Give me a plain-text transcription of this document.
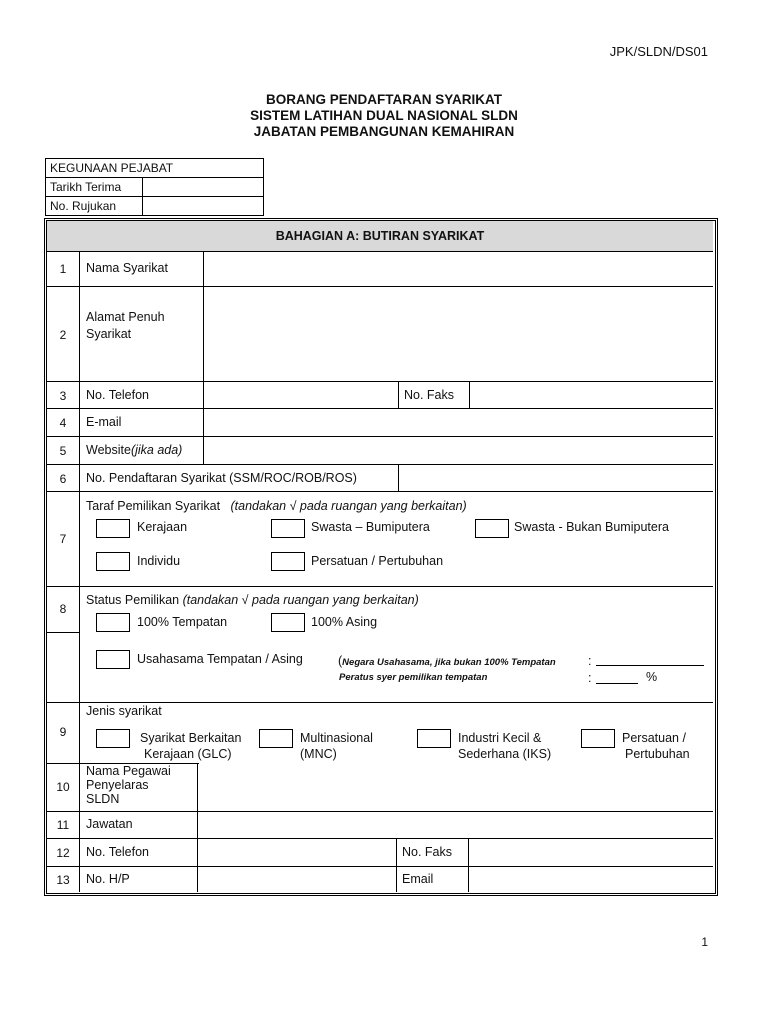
JPK/SLDN/DS01
BORANG PENDAFTARAN SYARIKAT
SISTEM LATIHAN DUAL NASIONAL SLDN
JABATAN PEMBANGUNAN KEMAHIRAN
KEGUNAAN PEJABAT	
Tarikh Terima	
No. Rujukan	
BAHAGIAN A: BUTIRAN SYARIKAT
1	Nama Syarikat
2
Alamat Penuh
Syarikat
3	No. Telefon	No. Faks
4	E-mail
5	Website(jika ada)
6	No. Pendaftaran Syarikat (SSM/ROC/ROB/ROS)
7
Taraf Pemilikan Syarikat (tandakan √ pada ruangan yang berkaitan)
Kerajaan	Swasta – Bumiputera	Swasta - Bukan Bumiputera
Individu	Persatuan / Pertubuhan
8
Status Pemilikan (tandakan √ pada ruangan yang berkaitan)
100% Tempatan	100% Asing
Usahasama Tempatan / Asing	(Negara Usahasama, jika bukan 100% Tempatan	:
Peratus syer pemilikan tempatan	:	%
9
Jenis syarikat
Syarikat Berkaitan
Kerajaan (GLC)
Multinasional
(MNC)
Industri Kecil &
Sederhana (IKS)
Persatuan /
Pertubuhan
10
Nama Pegawai
Penyelaras
SLDN
11	Jawatan
12	No. Telefon	No. Faks
13	No. H/P	Email
1
